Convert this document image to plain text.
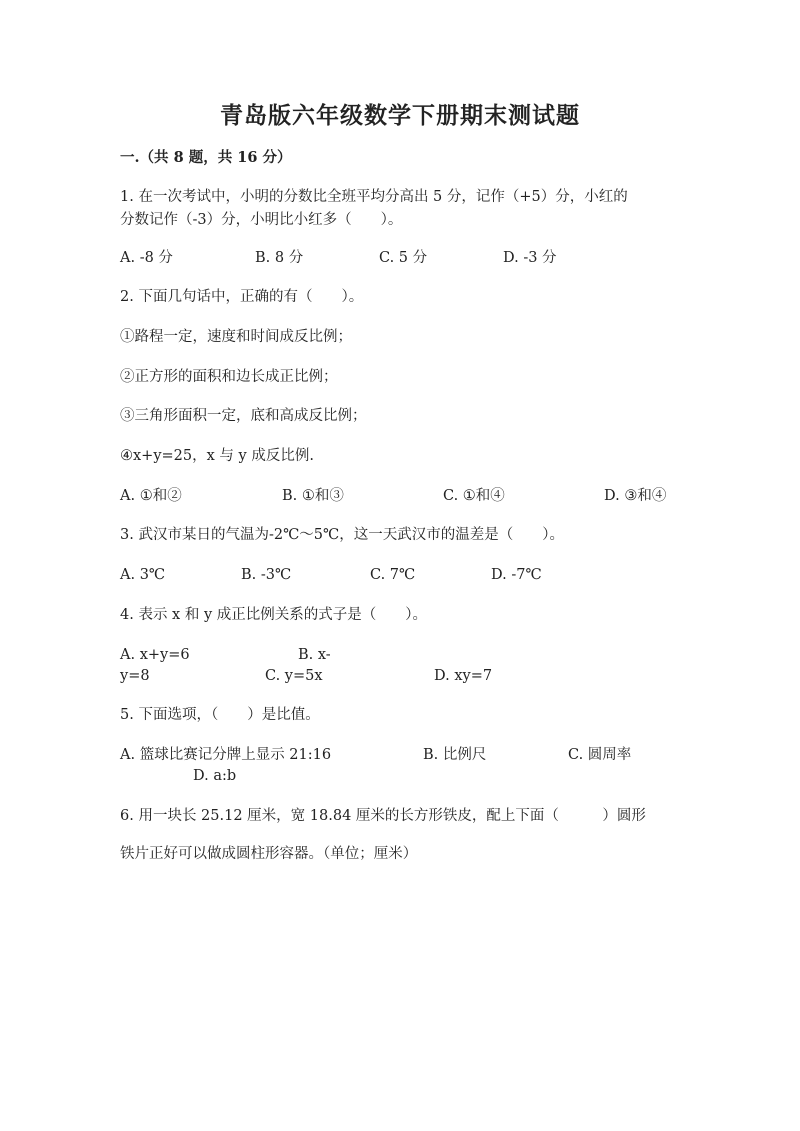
青岛版六年级数学下册期末测试题
一.（共 8 题，共 16 分）
1. 在一次考试中，小明的分数比全班平均分高出 5 分，记作（+5）分，小红的
分数记作（-3）分，小明比小红多（　　）。
A. -8 分	B. 8 分	C. 5 分	D. -3 分
2. 下面几句话中，正确的有（　　）。
①路程一定，速度和时间成反比例；
②正方形的面积和边长成正比例；
③三角形面积一定，底和高成反比例；
④x+y=25，x 与 y 成反比例.
A. ①和②	B. ①和③	C. ①和④	D. ③和④
3. 武汉市某日的气温为-2℃～5℃，这一天武汉市的温差是（　　）。
A. 3℃	B. -3℃	C. 7℃	D. -7℃
4. 表示 x 和 y 成正比例关系的式子是（　　）。
A. x+y=6	B. x-
y=8	C. y=5x	D. xy=7
5. 下面选项，（　　）是比值。
A. 篮球比赛记分牌上显示 21:16	B. 比例尺	C. 圆周率
D. a:b
6. 用一块长 25.12 厘米，宽 18.84 厘米的长方形铁皮，配上下面（　　　）圆形
铁片正好可以做成圆柱形容器。（单位；厘米）
